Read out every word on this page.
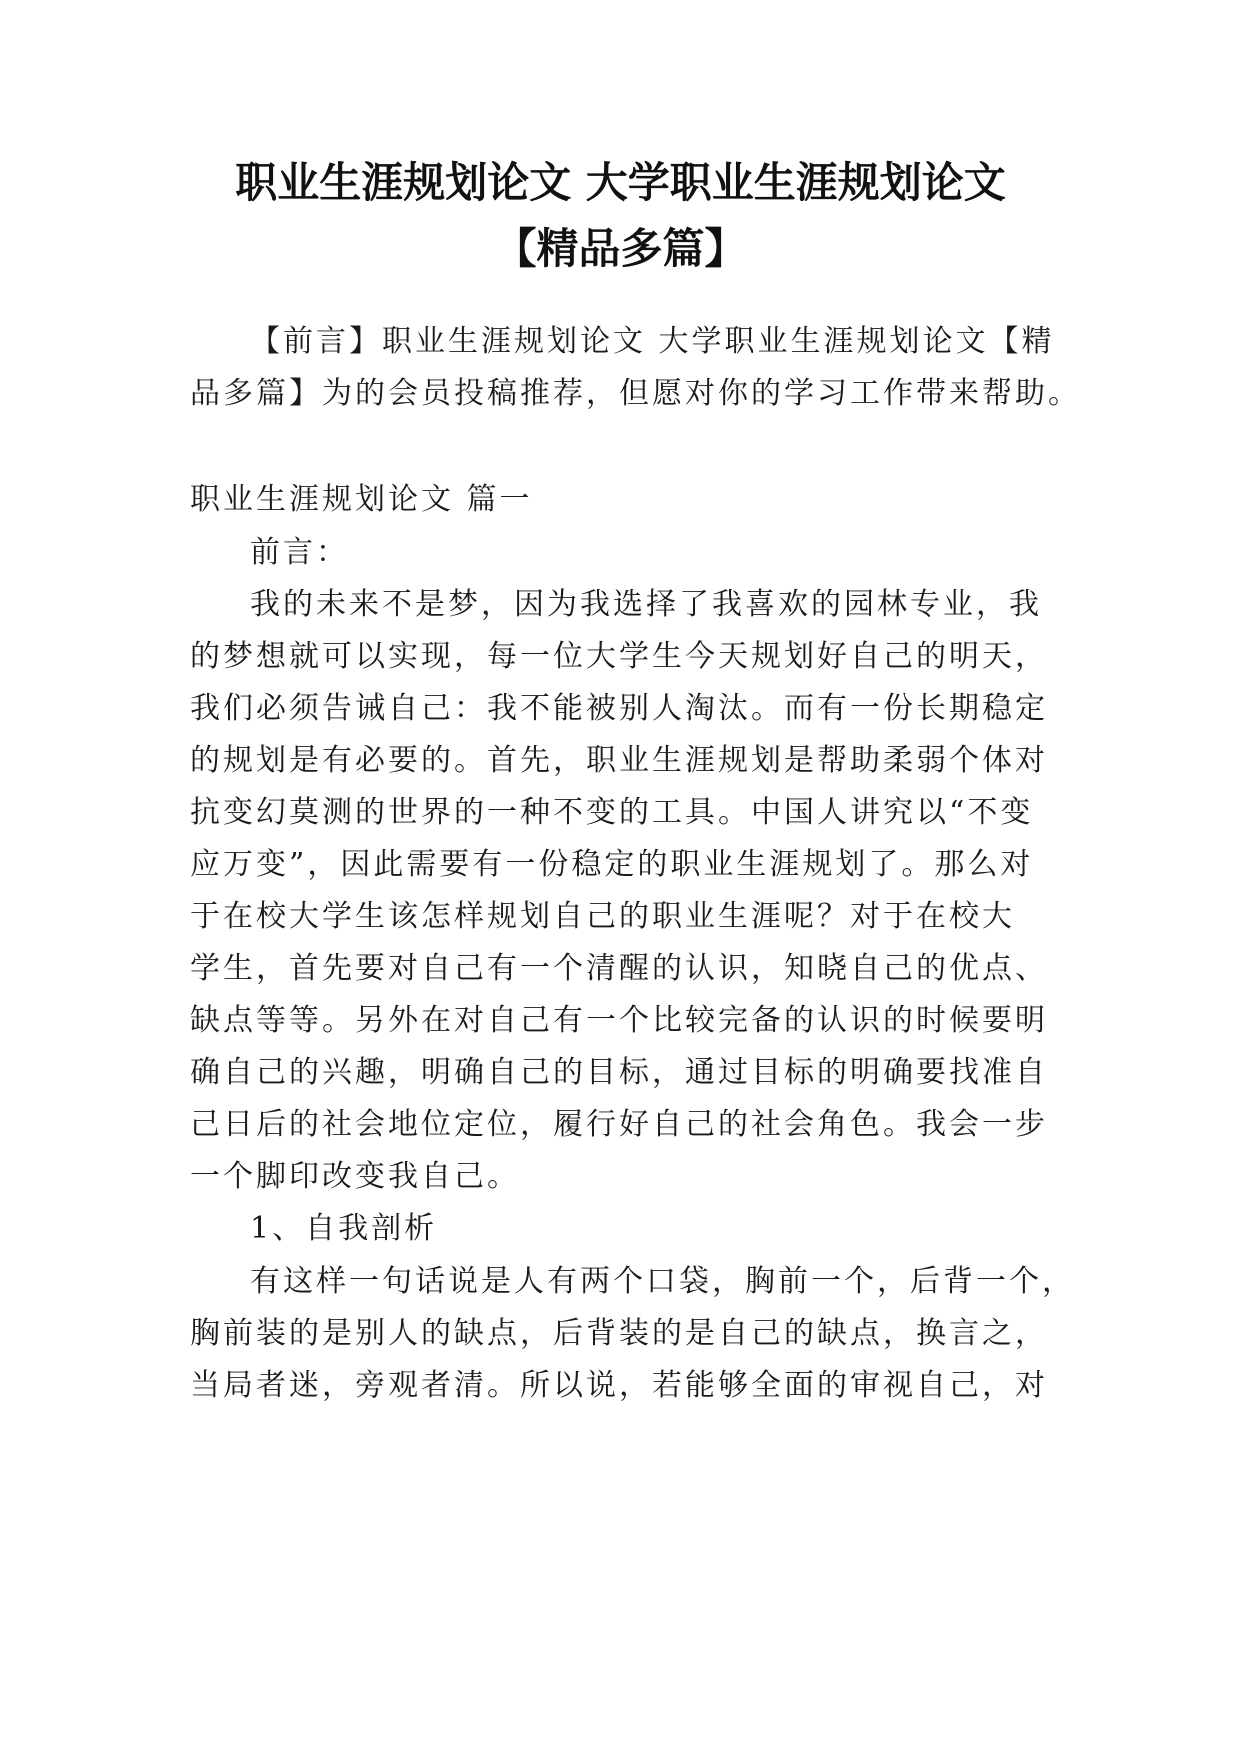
职业生涯规划论文 大学职业生涯规划论文
【精品多篇】

【前言】职业生涯规划论文 大学职业生涯规划论文【精

品多篇】为的会员投稿推荐，但愿对你的学习工作带来帮助。

职业生涯规划论文 篇一

前言：

我的未来不是梦，因为我选择了我喜欢的园林专业，我

的梦想就可以实现，每一位大学生今天规划好自己的明天，

我们必须告诫自己：我不能被别人淘汰。而有一份长期稳定

的规划是有必要的。首先，职业生涯规划是帮助柔弱个体对

抗变幻莫测的世界的一种不变的工具。中国人讲究以“不变

应万变”，因此需要有一份稳定的职业生涯规划了。那么对

于在校大学生该怎样规划自己的职业生涯呢？对于在校大

学生，首先要对自己有一个清醒的认识，知晓自己的优点、

缺点等等。另外在对自己有一个比较完备的认识的时候要明

确自己的兴趣，明确自己的目标，通过目标的明确要找准自

己日后的社会地位定位，履行好自己的社会角色。我会一步

一个脚印改变我自己。

1、自我剖析

有这样一句话说是人有两个口袋，胸前一个，后背一个，

胸前装的是别人的缺点，后背装的是自己的缺点，换言之，

当局者迷，旁观者清。所以说，若能够全面的审视自己，对
